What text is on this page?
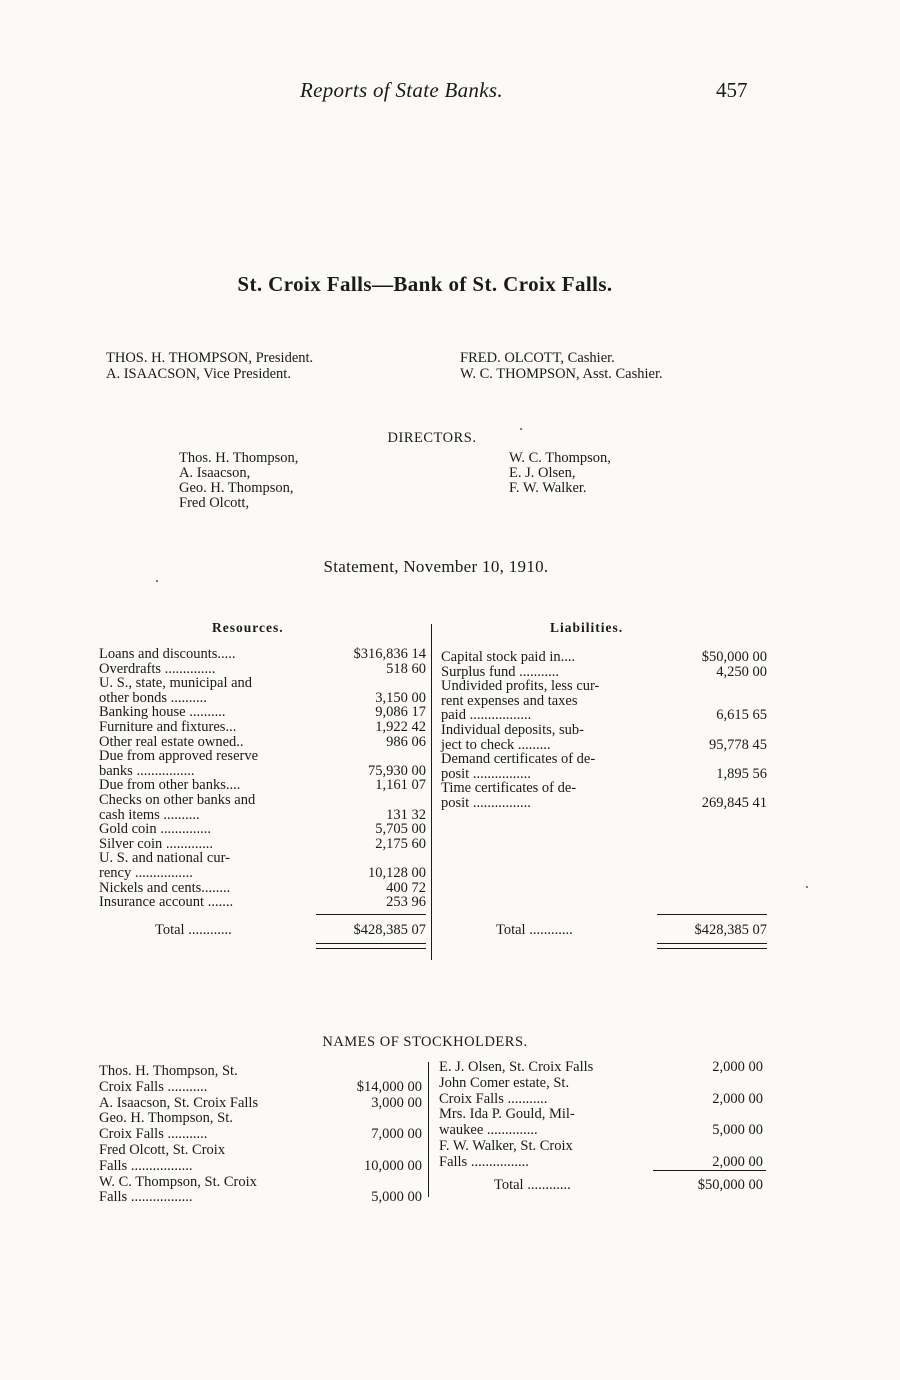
Reports of State Banks.	457
St. Croix Falls—Bank of St. Croix Falls.
THOS. H. THOMPSON, President.
A. ISAACSON, Vice President.
FRED. OLCOTT, Cashier.
W. C. THOMPSON, Asst. Cashier.
DIRECTORS.
Thos. H. Thompson,
A. Isaacson,
Geo. H. Thompson,
Fred Olcott,
W. C. Thompson,
E. J. Olsen,
F. W. Walker.
Statement, November 10, 1910.
Resources.	Liabilities.
Loans and discounts.....	$316,836 14
Overdrafts ..............	518 60
U. S., state, municipal and
other bonds ..........	3,150 00
Banking house ..........	9,086 17
Furniture and fixtures...	1,922 42
Other real estate owned..	986 06
Due from approved reserve
banks ................	75,930 00
Due from other banks....	1,161 07
Checks on other banks and
cash items ..........	131 32
Gold coin ..............	5,705 00
Silver coin .............	2,175 60
U. S. and national cur-
rency ................	10,128 00
Nickels and cents........	400 72
Insurance account .......	253 96
Capital stock paid in....	$50,000 00
Surplus fund ...........	4,250 00
Undivided profits, less cur-
rent expenses and taxes
paid .................	6,615 65
Individual deposits, sub-
ject to check .........	95,778 45
Demand certificates of de-
posit ................	1,895 56
Time certificates of de-
posit ................	269,845 41
Total ............	$428,385 07	Total ............	$428,385 07
NAMES OF STOCKHOLDERS.
Thos. H. Thompson, St.
Croix Falls ...........	$14,000 00
A. Isaacson, St. Croix Falls	3,000 00
Geo. H. Thompson, St.
Croix Falls ...........	7,000 00
Fred Olcott, St. Croix
Falls .................	10,000 00
W. C. Thompson, St. Croix
Falls .................	5,000 00
E. J. Olsen, St. Croix Falls	2,000 00
John Comer estate, St.
Croix Falls ...........	2,000 00
Mrs. Ida P. Gould, Mil-
waukee ..............	5,000 00
F. W. Walker, St. Croix
Falls ................	2,000 00
Total ............	$50,000 00
